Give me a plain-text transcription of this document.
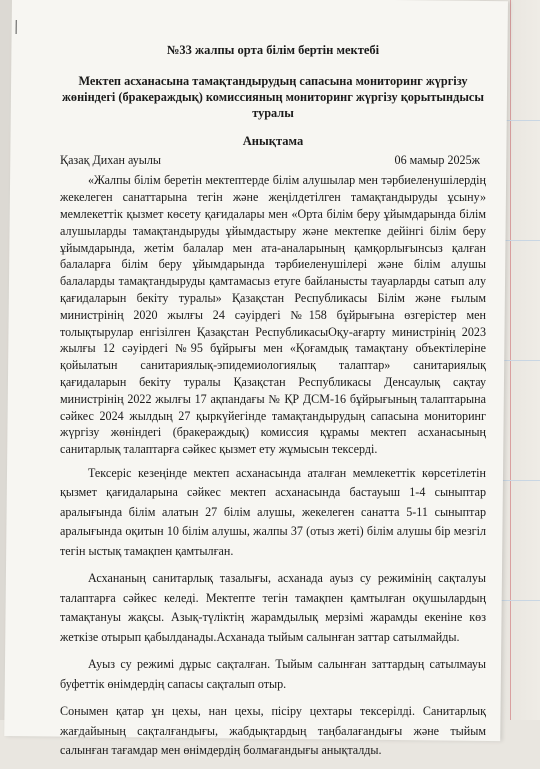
№33 жалпы орта білім бертін мектебі
Мектеп асханасына тамақтандырудың сапасына мониторинг жүргізу жөніндегі (бракераждық) комиссияның мониторинг жүргізу қорытындысы туралы
Анықтама
Қазақ Дихан ауылы	06 мамыр 2025ж

«Жалпы білім беретін мектептерде білім алушылар мен тәрбиеленушілердің жекелеген санаттарына тегін және жеңілдетілген тамақтандыруды ұсыну» мемлекеттік қызмет көсету қағидалары мен «Орта білім беру ұйымдарында білім алушыларды тамақтандыруды ұйымдастыру және мектепке дейінгі білім беру ұйымдарында, жетім балалар мен ата-аналарының қамқорлығынсыз қалған балаларға білім беру ұйымдарында тәрбиеленушілері және білім алушы балаларды тамақтандыруды қамтамасыз етуге байланысты тауарларды сатып алу қағидаларын бекіту туралы» Қазақстан Республикасы Білім және ғылым министрінің 2020 жылғы 24 сәуірдегі №158 бұйрығына өзгерістер мен толықтырулар енгізілген Қазақстан РеспубликасыОқу-ағарту министрінің 2023 жылғы 12 сәуірдегі №95 бұйрығы мен «Қоғамдық тамақтану объектілеріне қойылатын санитариялық-эпидемиологиялық талаптар» санитариялық қағидаларын бекіту туралы Қазақстан Республикасы Денсаулық сақтау министрінің 2022 жылғы 17 ақпандағы № ҚР ДСМ-16 бұйрығының талаптарына сәйкес 2024 жылдың 27 қыркүйегінде тамақтандырудың сапасына мониторинг жүргізу жөніндегі (бракераждық) комиссия құрамы мектеп асханасының санитарлық талаптарға сәйкес қызмет ету жұмысын тексерді.

Тексеріс кезеңінде мектеп асханасында аталған мемлекеттік көрсетілетін қызмет қағидаларына сәйкес мектеп асханасында бастауыш 1-4 сыныптар аралығында білім алатын 27 білім алушы, жекелеген санатта 5-11 сыныптар аралығында оқитын 10 білім алушы, жалпы 37 (отыз жеті) білім алушы бір мезгіл тегін ыстық тамақпен қамтылған.

Асхананың санитарлық тазалығы, асханада ауыз су режимінің сақталуы талаптарға сәйкес келеді. Мектепте тегін тамақпен қамтылған оқушылардың тамақтануы жақсы. Азық-түліктің жарамдылық мерзімі жарамды екеніне көз жеткізе отырып қабылданады.Асханада тыйым салынған заттар сатылмайды.

Ауыз су режимі дұрыс сақталған. Тыйым салынған заттардың сатылмауы буфеттік өнімдердің сапасы сақталып отыр.

Сонымен қатар ұн цехы, нан цехы, пісіру цехтары тексерілді. Санитарлық жағдайының сақталғандығы, жабдықтардың таңбалағандығы және тыйым салынған тағамдар мен өнімдердің болмағандығы анықталды.
